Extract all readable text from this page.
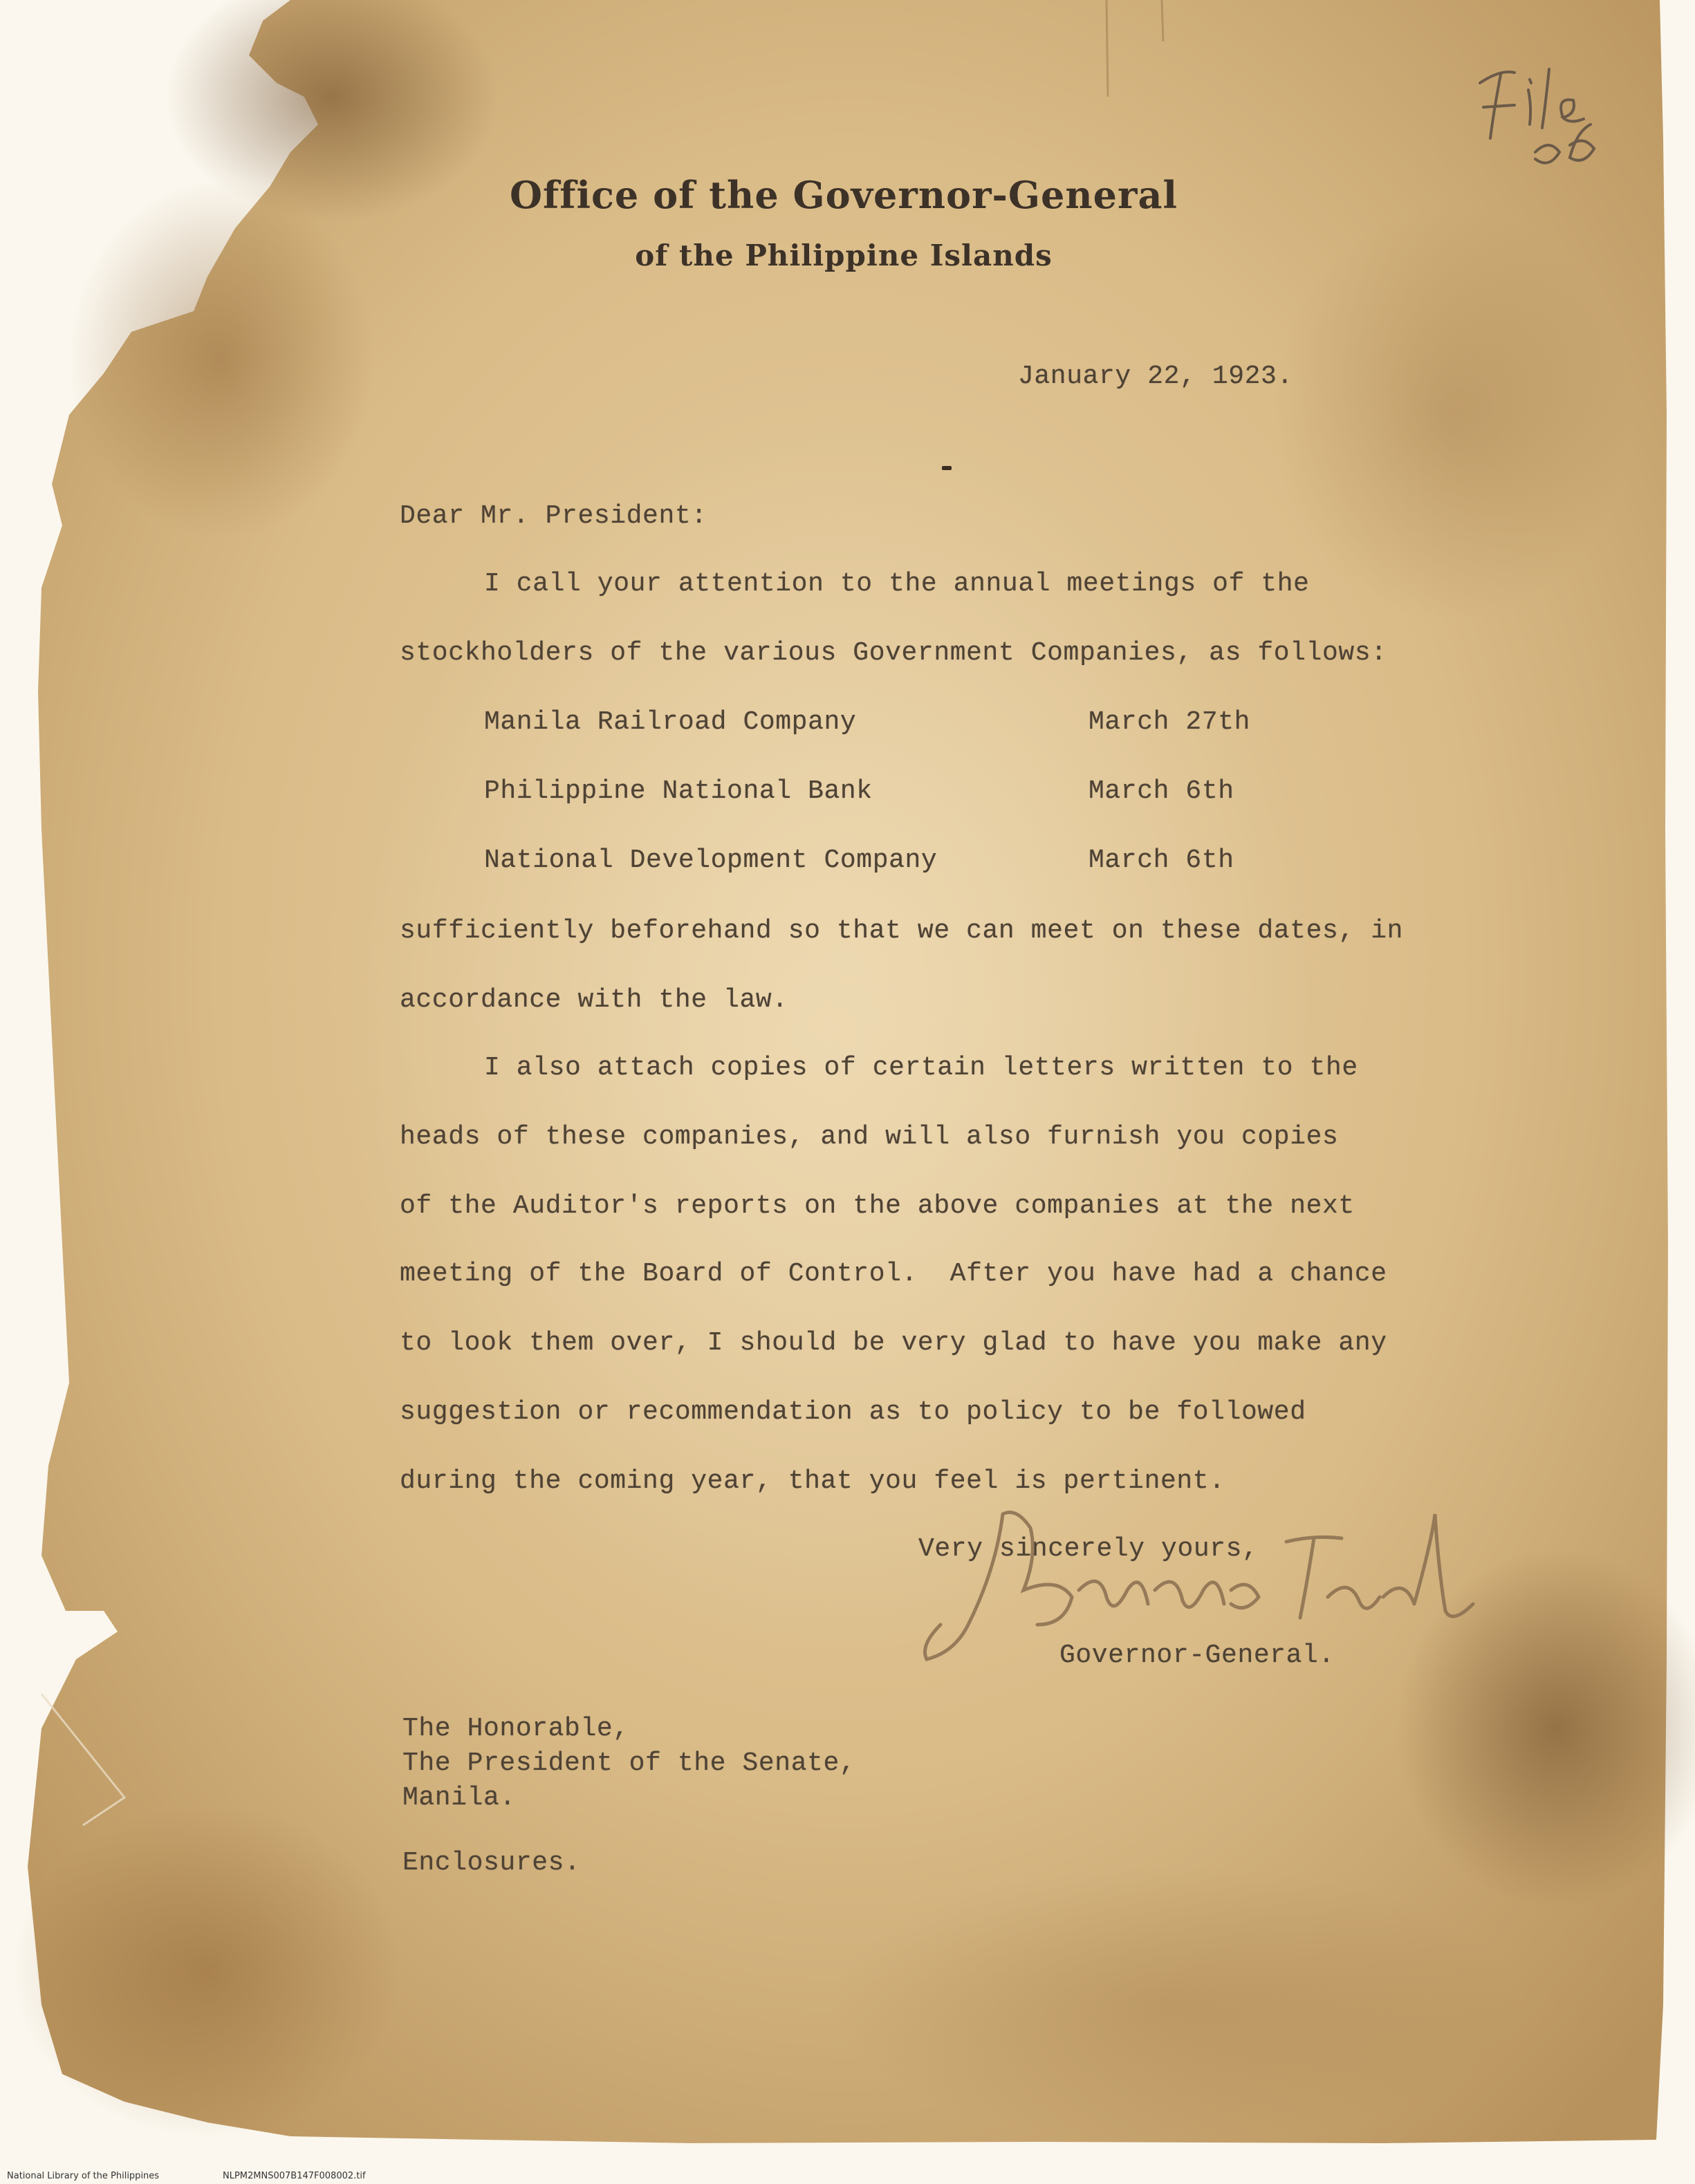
Office of the Governor-General
of the Philippine Islands
January 22, 1923.
Dear Mr. President:
I call your attention to the annual meetings of the
stockholders of the various Government Companies, as follows:
Manila Railroad Company	March 27th
Philippine National Bank	March 6th
National Development Company	March 6th
sufficiently beforehand so that we can meet on these dates, in
accordance with the law.
I also attach copies of certain letters written to the
heads of these companies, and will also furnish you copies
of the Auditor's reports on the above companies at the next
meeting of the Board of Control.  After you have had a chance
to look them over, I should be very glad to have you make any
suggestion or recommendation as to policy to be followed
during the coming year, that you feel is pertinent.
Very sincerely yours,
Governor-General.
The Honorable,
The President of the Senate,
Manila.
Enclosures.
National Library of the Philippines	NLPM2MNS007B147F008002.tif
